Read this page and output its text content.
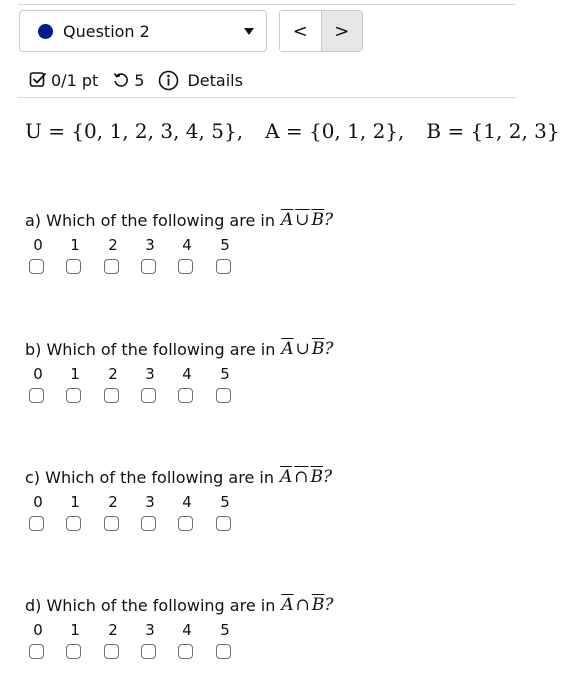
Question 2	<	>
0/1 pt 5	Details
U = {0, 1, 2, 3, 4, 5}, A = {0, 1, 2}, B = {1, 2, 3}
a) Which of the following are in A ∪ B?
0	1	2	3	4	5
b) Which of the following are in $\overline{A}$ ∪ $\overline{B}$?
0	1	2	3	4	5
c) Which of the following are in A ∩ B?
0	1	2	3	4	5
d) Which of the following are in $\overline{A}$ ∩ $\overline{B}$?
0	1	2	3	4	5
